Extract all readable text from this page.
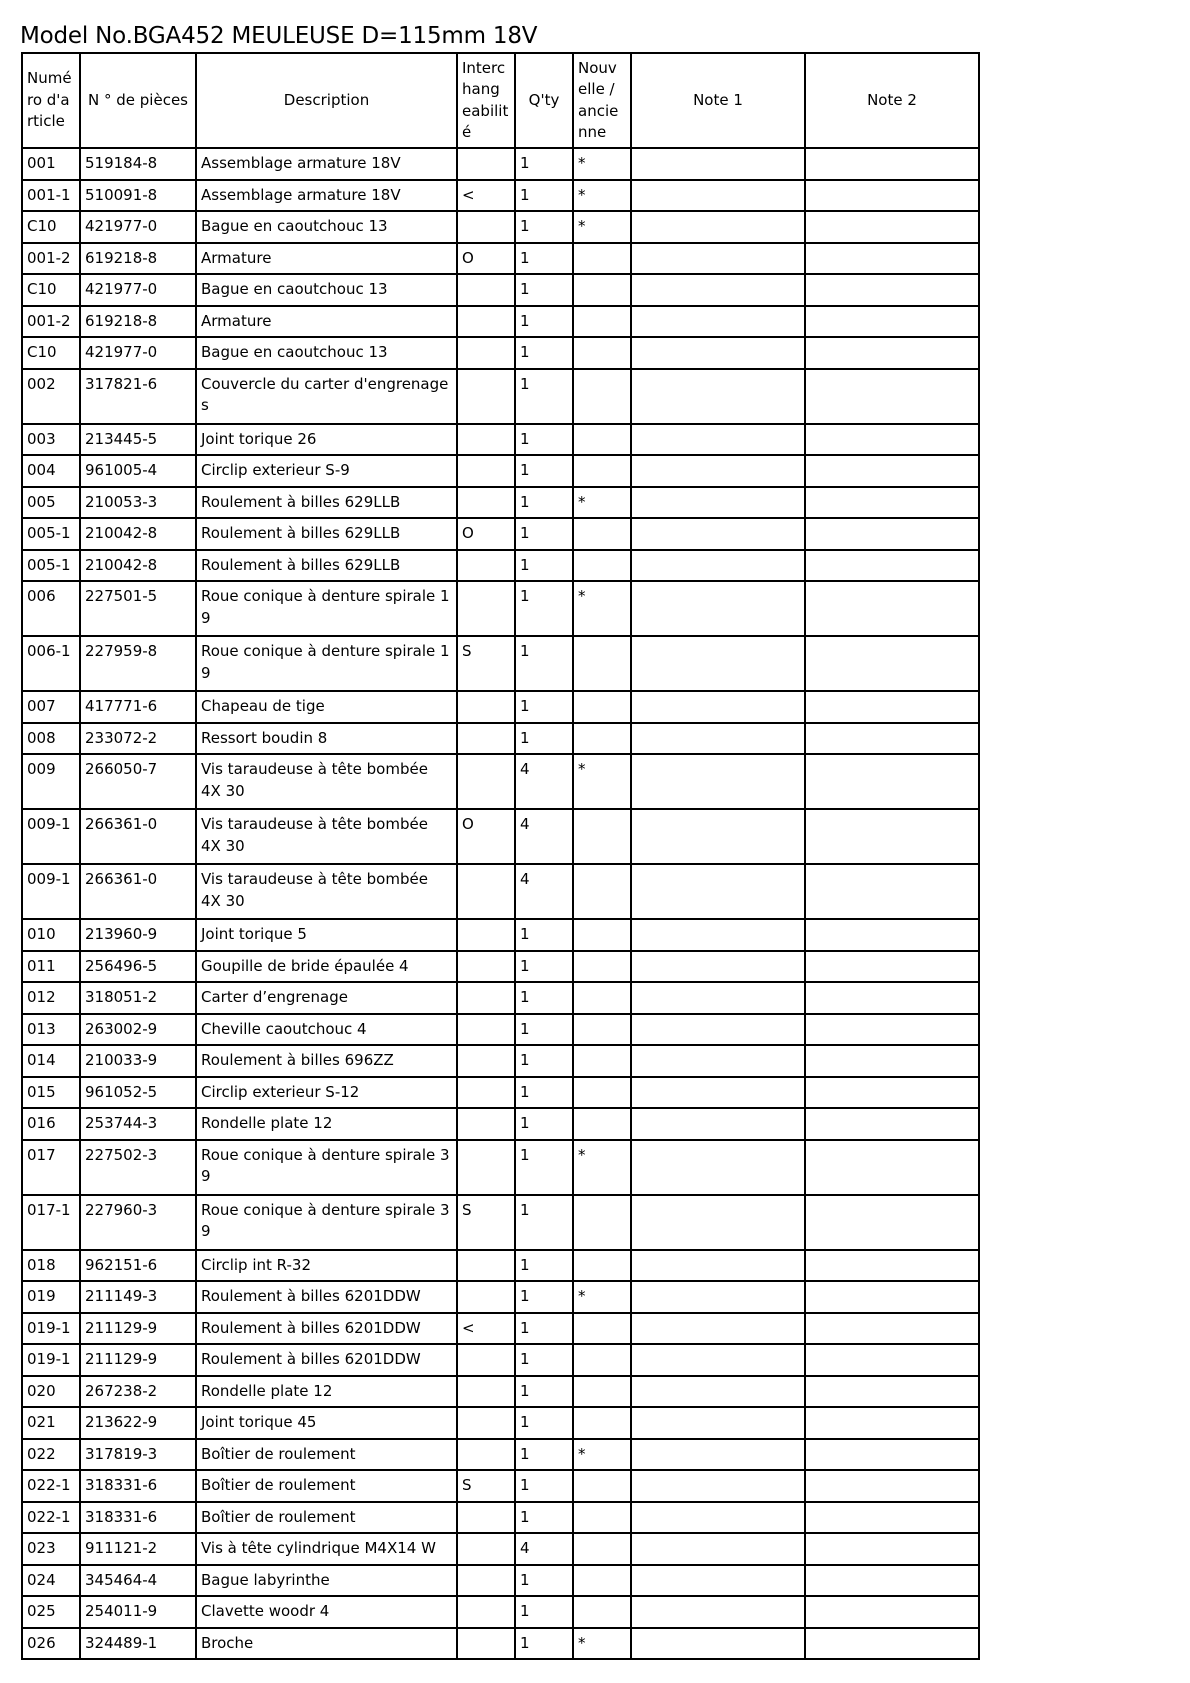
Model No.BGA452 MEULEUSE D=115mm 18V
Numé ro d'a rticle	N ° de pièces	Description	Interc hang eabilit é	Q'ty	Nouv elle / ancie nne	Note 1	Note 2
001	519184-8	Assemblage armature 18V		1	*		
001-1	510091-8	Assemblage armature 18V	<	1	*		
C10	421977-0	Bague en caoutchouc 13		1	*		
001-2	619218-8	Armature	O	1			
C10	421977-0	Bague en caoutchouc 13		1			
001-2	619218-8	Armature		1			
C10	421977-0	Bague en caoutchouc 13		1			
002	317821-6	Couvercle du carter d'engrenage s		1			
003	213445-5	Joint torique 26		1			
004	961005-4	Circlip exterieur S-9		1			
005	210053-3	Roulement à billes 629LLB		1	*		
005-1	210042-8	Roulement à billes 629LLB	O	1			
005-1	210042-8	Roulement à billes 629LLB		1			
006	227501-5	Roue conique à denture spirale 1 9		1	*		
006-1	227959-8	Roue conique à denture spirale 1 9	S	1			
007	417771-6	Chapeau de tige		1			
008	233072-2	Ressort boudin 8		1			
009	266050-7	Vis taraudeuse à tête bombée 4X 30		4	*		
009-1	266361-0	Vis taraudeuse à tête bombée 4X 30	O	4			
009-1	266361-0	Vis taraudeuse à tête bombée 4X 30		4			
010	213960-9	Joint torique 5		1			
011	256496-5	Goupille de bride épaulée 4		1			
012	318051-2	Carter d’engrenage		1			
013	263002-9	Cheville caoutchouc 4		1			
014	210033-9	Roulement à billes 696ZZ		1			
015	961052-5	Circlip exterieur S-12		1			
016	253744-3	Rondelle plate 12		1			
017	227502-3	Roue conique à denture spirale 3 9		1	*		
017-1	227960-3	Roue conique à denture spirale 3 9	S	1			
018	962151-6	Circlip int R-32		1			
019	211149-3	Roulement à billes 6201DDW		1	*		
019-1	211129-9	Roulement à billes 6201DDW	<	1			
019-1	211129-9	Roulement à billes 6201DDW		1			
020	267238-2	Rondelle plate 12		1			
021	213622-9	Joint torique 45		1			
022	317819-3	Boîtier de roulement		1	*		
022-1	318331-6	Boîtier de roulement	S	1			
022-1	318331-6	Boîtier de roulement		1			
023	911121-2	Vis à tête cylindrique M4X14 W		4			
024	345464-4	Bague labyrinthe		1			
025	254011-9	Clavette woodr 4		1			
026	324489-1	Broche		1	*		
